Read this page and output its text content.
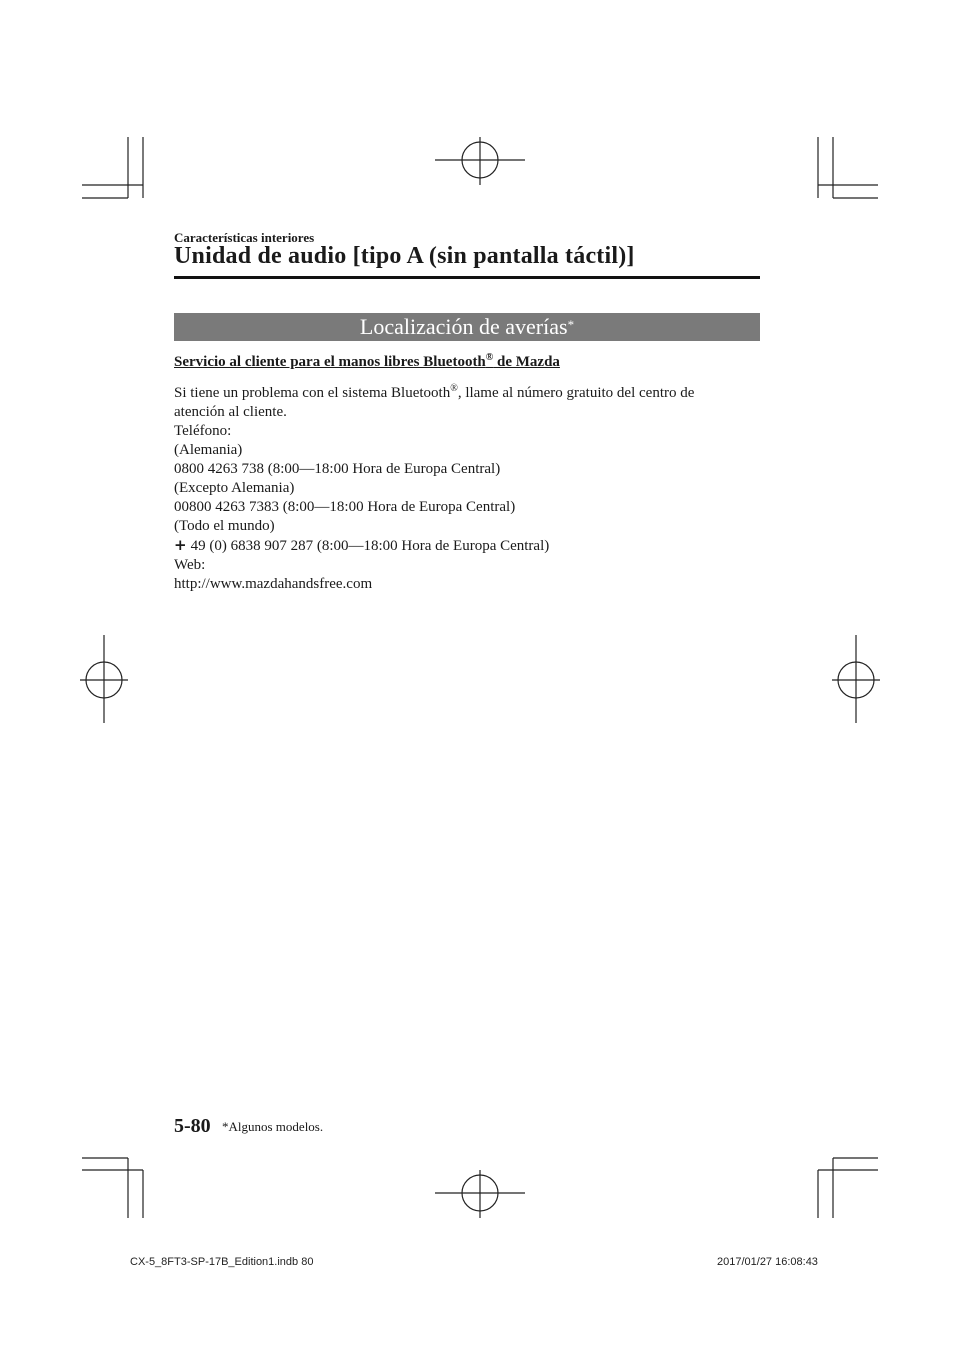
Características interiores
Unidad de audio [tipo A (sin pantalla táctil)]
Localización de averías*
Servicio al cliente para el manos libres Bluetooth® de Mazda

Si tiene un problema con el sistema Bluetooth®, llame al número gratuito del centro de

atención al cliente.

Teléfono:

(Alemania)

0800 4263 738 (8:00—18:00 Hora de Europa Central)

(Excepto Alemania)

00800 4263 7383 (8:00—18:00 Hora de Europa Central)

(Todo el mundo)

+ 49 (0) 6838 907 287 (8:00—18:00 Hora de Europa Central)

Web:

http://www.mazdahandsfree.com

5-80 *Algunos modelos.
CX-5_8FT3-SP-17B_Edition1.indb 80	2017/01/27 16:08:43
